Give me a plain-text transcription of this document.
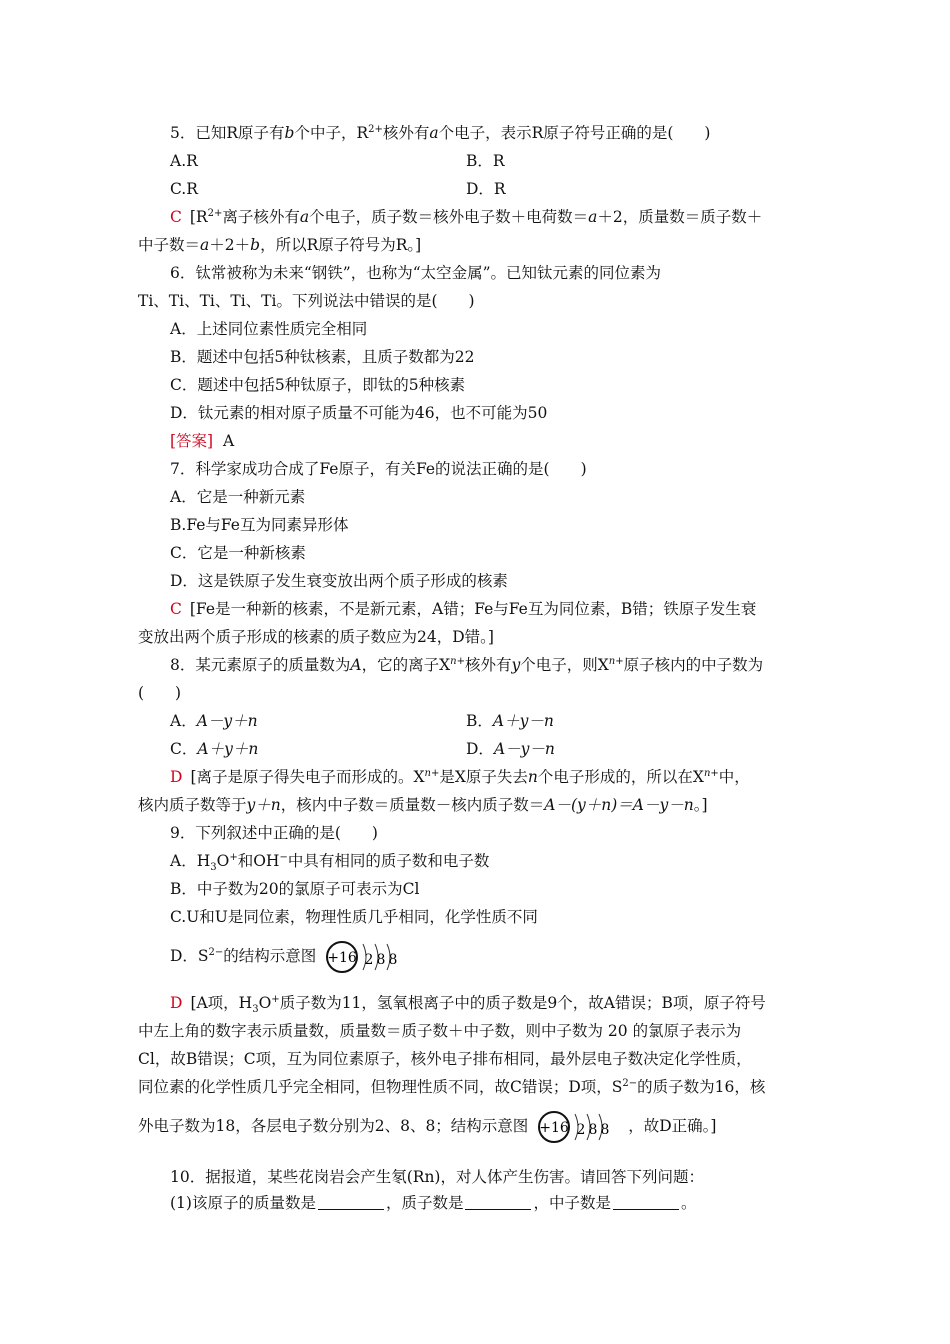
5．已知R原子有b个中子，$R^{2+}$核外有a个电子，表示R原子符号正确的是(　　)
A.R	B．R
C.R	D．R
C [$R^{2+}$离子核外有a个电子，质子数＝核外电子数＋电荷数＝a＋2，质量数＝质子数＋
中子数＝a＋2＋b，所以R原子符号为R。]
6．钛常被称为未来“钢铁”，也称为“太空金属”。已知钛元素的同位素为
Ti、Ti、Ti、Ti、Ti。下列说法中错误的是(　　)
A．上述同位素性质完全相同
B．题述中包括5种钛核素，且质子数都为22
C．题述中包括5种钛原子，即钛的5种核素
D．钛元素的相对原子质量不可能为46，也不可能为50
[答案] A
7．科学家成功合成了Fe原子，有关Fe的说法正确的是(　　)
A．它是一种新元素
B.Fe与Fe互为同素异形体
C．它是一种新核素
D．这是铁原子发生衰变放出两个质子形成的核素
C [Fe是一种新的核素，不是新元素，A错；Fe与Fe互为同位素，B错；铁原子发生衰
变放出两个质子形成的核素的质子数应为24，D错。]
8．某元素原子的质量数为A，它的离子$X^{n+}$核外有y个电子，则$X^{n+}$原子核内的中子数为
(　　)
A．A－y＋n	B．A＋y－n
C．A＋y＋n	D．A－y－n
D [离子是原子得失电子而形成的。$X^{n+}$是X原子失去n个电子形成的，所以在$X^{n+}$中，
核内质子数等于y＋n，核内中子数＝质量数－核内质子数＝A－(y＋n)＝A－y－n。]
9．下列叙述中正确的是(　　)
A．$H_3O^+$和OH−中具有相同的质子数和电子数
B．中子数为20的氯原子可表示为Cl
C.U和U是同位素，物理性质几乎相同，化学性质不同
D．$S^{2-}$的结构示意图 +16 2 8 8
D [A项，$H_3O^+$质子数为11，氢氧根离子中的质子数是9个，故A错误；B项，原子符号
中左上角的数字表示质量数，质量数＝质子数＋中子数，则中子数为 20 的氯原子表示为
Cl，故B错误；C项，互为同位素原子，核外电子排布相同，最外层电子数决定化学性质，
同位素的化学性质几乎完全相同，但物理性质不同，故C错误；D项，$S^{2-}$的质子数为16，核
外电子数为18，各层电子数分别为2、8、8；结构示意图 +16 2 8 8 ，故D正确。]
10．据报道，某些花岗岩会产生氡(Rn)，对人体产生伤害。请回答下列问题：
(1)该原子的质量数是	，质子数是	，中子数是	。
